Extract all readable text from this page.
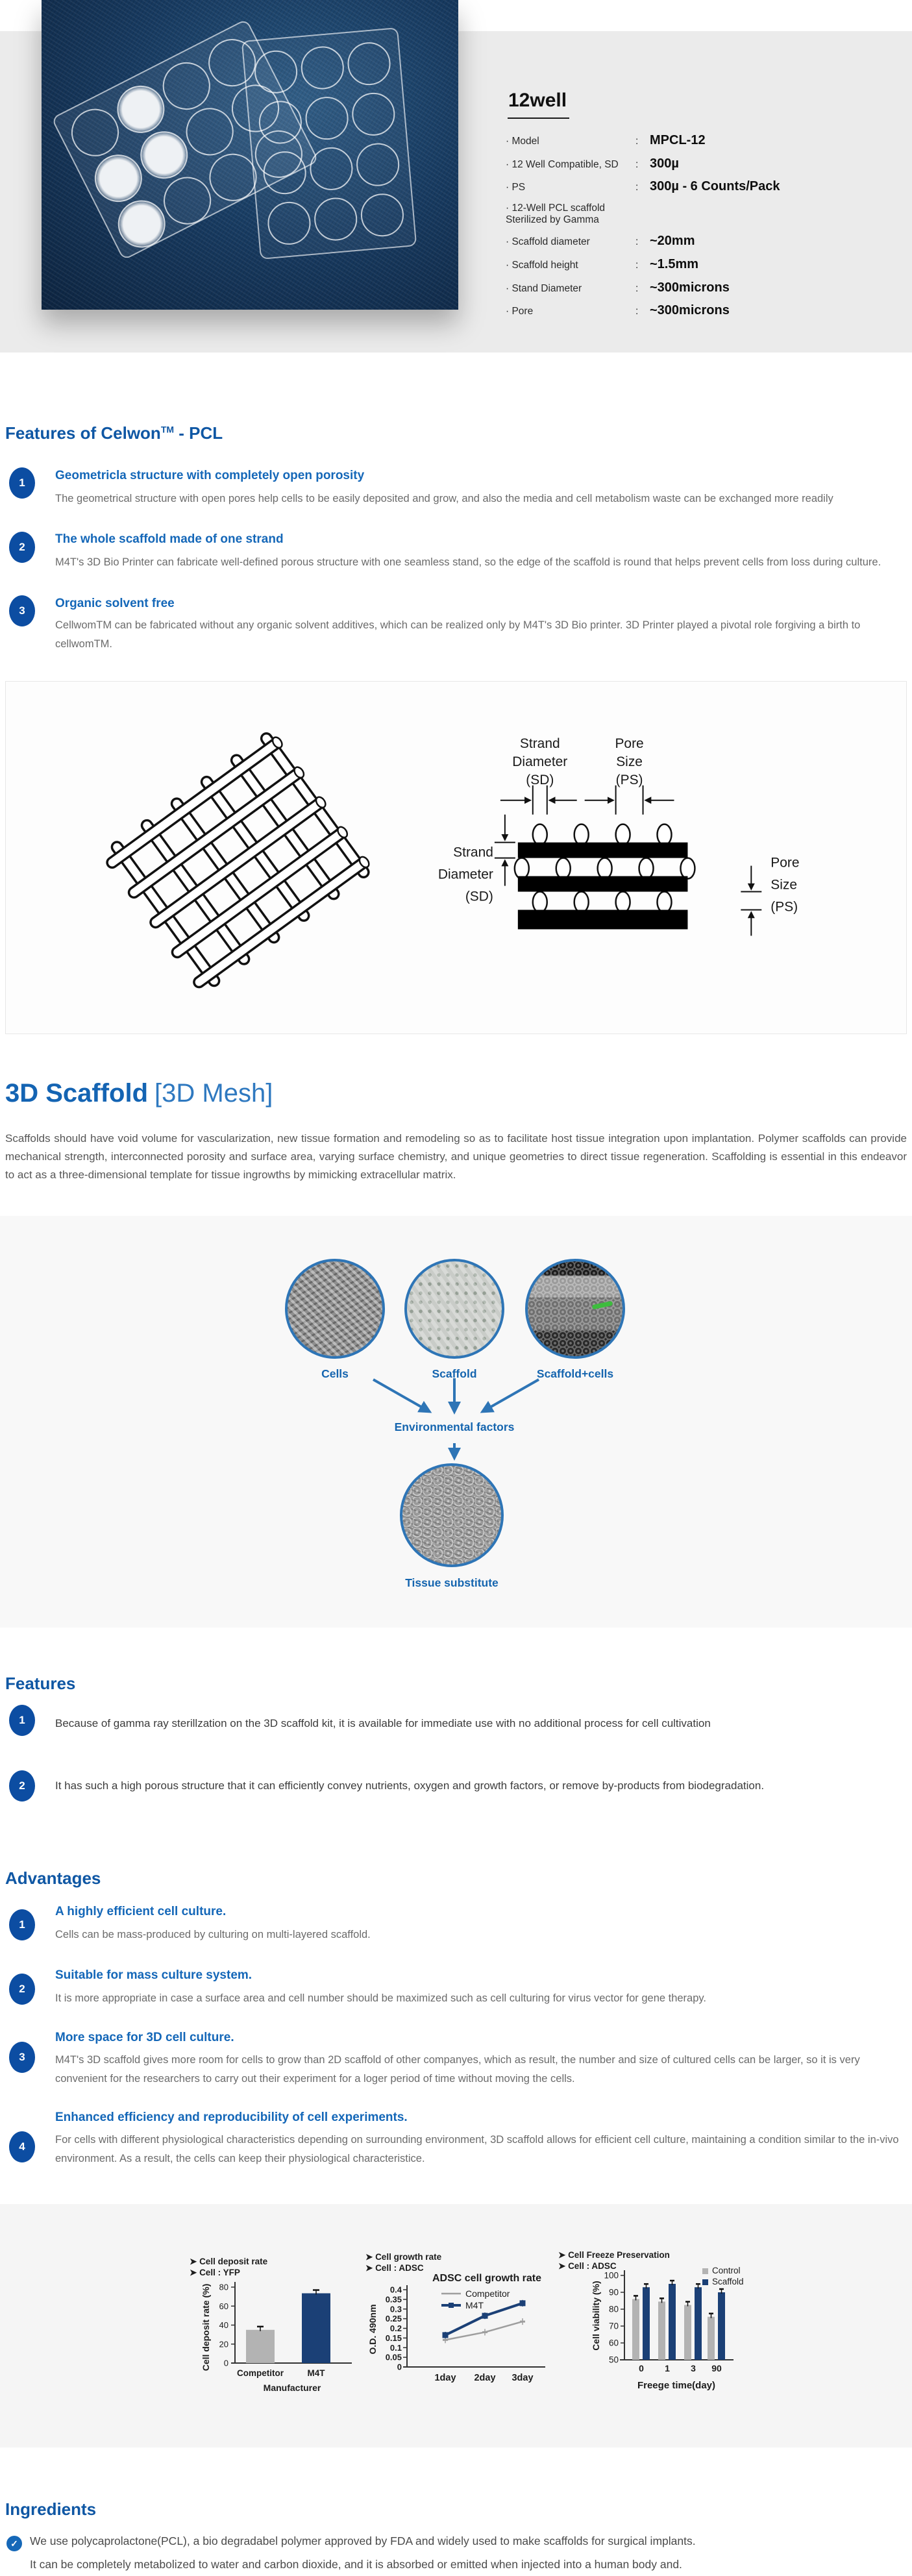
12well
· Model	: MPCL-12
· 12 Well Compatible, SD	: 300µ
· PS	: 300µ - 6 Counts/Pack
· 12-Well PCL scaffold Sterilized by Gamma
· Scaffold diameter	: ~20mm
· Scaffold height	: ~1.5mm
· Stand Diameter	: ~300microns
· Pore	: ~300microns
Features of Celwon™ - PCL
1
Geometricla structure with completely open porosity
The geometrical structure with open pores help cells to be easily deposited and grow, and also the media and cell metabolism waste can be exchanged more readily
2
The whole scaffold made of one strand
M4T's 3D Bio Printer can fabricate well-defined porous structure with one seamless stand, so the edge of the scaffold is round that helps prevent cells from loss during culture.
3
Organic solvent free
CellwomTM can be fabricated without any organic solvent additives, which can be realized only by M4T's 3D Bio printer. 3D Printer played a pivotal role forgiving a birth to cellwomTM.
Strand
Diameter
(SD)
Pore
Size
(PS)
Strand
Diameter
(SD)
Pore
Size
(PS)
3D Scaffold [3D Mesh]
Scaffolds should have void volume for vascularization, new tissue formation and remodeling so as to facilitate host tissue integration upon implantation. Polymer scaffolds can provide mechanical strength, interconnected porosity and surface area, varying surface chemistry, and unique geometries to direct tissue regeneration. Scaffolding is essential in this endeavor to act as a three-dimensional template for tissue ingrowths by mimicking extracellular matrix.
Cells	Scaffold	Scaffold+cells
Environmental factors
Tissue substitute
Features
1	Because of gamma ray sterillzation on the 3D scaffold kit, it is available for immediate use with no additional process for cell cultivation
2	It has such a high porous structure that it can efficiently convey nutrients, oxygen and growth factors, or remove by-products from biodegradation.
Advantages
1
A highly efficient cell culture.
Cells can be mass-produced by culturing on multi-layered scaffold.
2
Suitable for mass culture system.
It is more appropriate in case a surface area and cell number should be maximized such as cell culturing for virus vector for gene therapy.
3
More space for 3D cell culture.
M4T's 3D scaffold gives more room for cells to grow than 2D scaffold of other companyes, which as result, the number and size of cultured cells can be larger, so it is very convenient for the researchers to carry out their experiment for a loger period of time without moving the cells.
4
Enhanced efficiency and reproducibility of cell experiments.
For cells with different physiological characteristics depending on surrounding environment, 3D scaffold allows for efficient cell culture, maintaining a condition similar to the in-vivo environment. As a result, the cells can keep their physiological characteristice.
➤ Cell deposit rate
➤ Cell : YFP
Cell deposit rate (%) 0
20
40
60
80
Competitor	M4T
Manufacturer
➤ Cell growth rate
➤ Cell : ADSC
ADSC cell growth rate
O.D. 490nm
0
0.05
0.1
0.15
0.2
0.25
0.3
0.35
0.4
1day 2day 3day
Competitor
M4T
➤ Cell Freeze Preservation
➤ Cell : ADSC
Cell viability (%)
50
60
70
80
90
100	Control
Scaffold
0 1 3 90
Freege time(day)
Ingredients
✓	We use polycaprolactone(PCL), a bio degradabel polymer approved by FDA and widely used to make scaffolds for surgical implants.
It can be completely metabolized to water and carbon dioxide, and it is absorbed or emitted when injected into a human body and.
